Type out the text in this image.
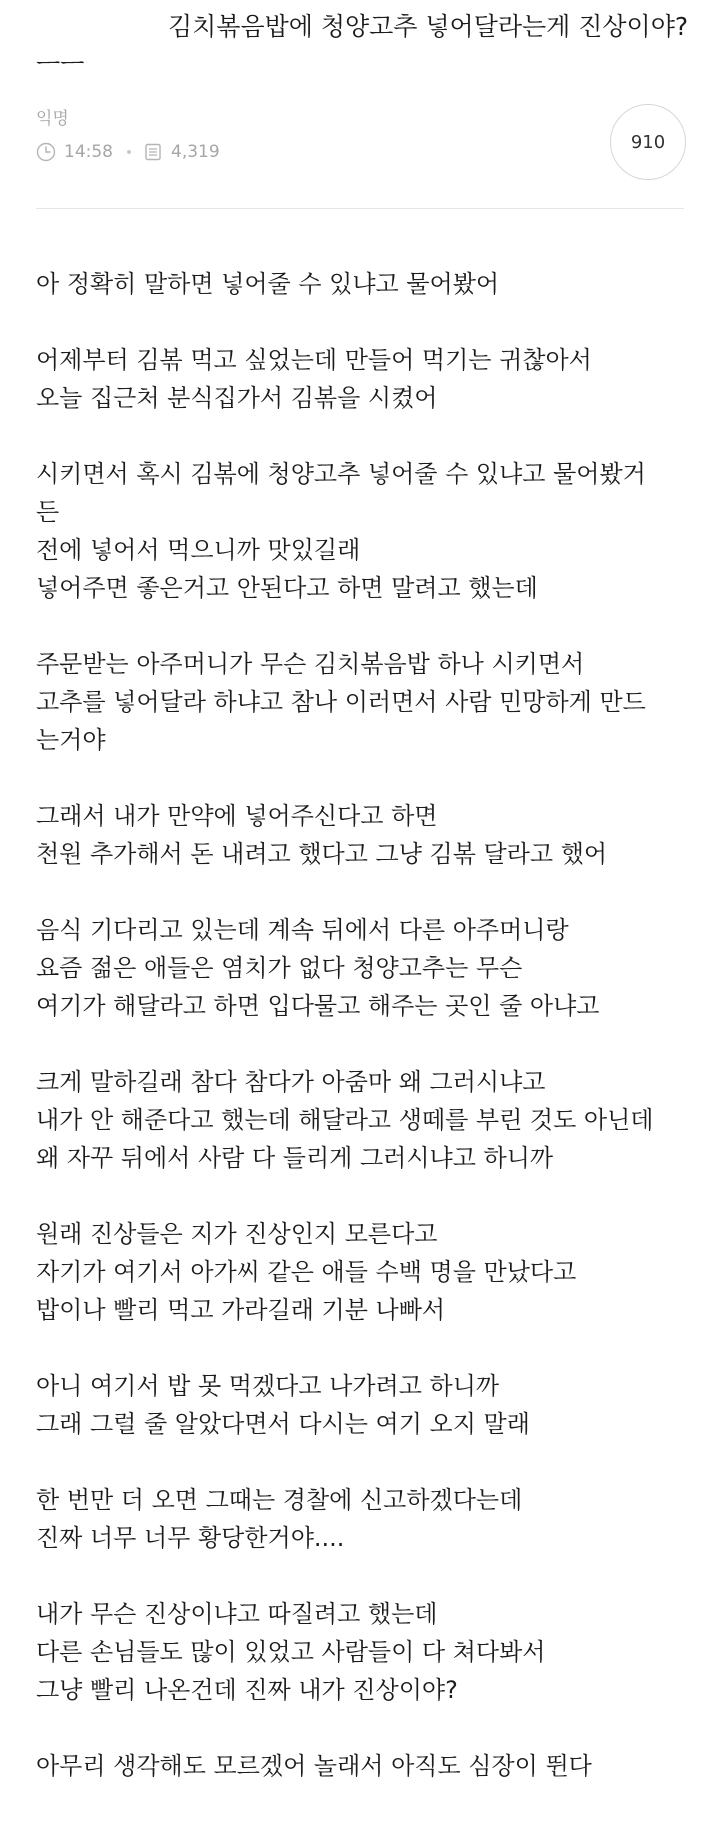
김치볶음밥에 청양고추 넣어달라는게 진상이야? ㅡㅡ
익명
14:58	4,319	910

아 정확히 말하면 넣어줄 수 있냐고 물어봤어

어제부터 김볶 먹고 싶었는데 만들어 먹기는 귀찮아서
오늘 집근처 분식집가서 김볶을 시켰어

시키면서 혹시 김볶에 청양고추 넣어줄 수 있냐고 물어봤거
든
전에 넣어서 먹으니까 맛있길래
넣어주면 좋은거고 안된다고 하면 말려고 했는데

주문받는 아주머니가 무슨 김치볶음밥 하나 시키면서
고추를 넣어달라 하냐고 참나 이러면서 사람 민망하게 만드
는거야

그래서 내가 만약에 넣어주신다고 하면
천원 추가해서 돈 내려고 했다고 그냥 김볶 달라고 했어

음식 기다리고 있는데 계속 뒤에서 다른 아주머니랑
요즘 젊은 애들은 염치가 없다 청양고추는 무슨
여기가 해달라고 하면 입다물고 해주는 곳인 줄 아냐고

크게 말하길래 참다 참다가 아줌마 왜 그러시냐고
내가 안 해준다고 했는데 해달라고 생떼를 부린 것도 아닌데
왜 자꾸 뒤에서 사람 다 들리게 그러시냐고 하니까

원래 진상들은 지가 진상인지 모른다고
자기가 여기서 아가씨 같은 애들 수백 명을 만났다고
밥이나 빨리 먹고 가라길래 기분 나빠서

아니 여기서 밥 못 먹겠다고 나가려고 하니까
그래 그럴 줄 알았다면서 다시는 여기 오지 말래

한 번만 더 오면 그때는 경찰에 신고하겠다는데
진짜 너무 너무 황당한거야....

내가 무슨 진상이냐고 따질려고 했는데
다른 손님들도 많이 있었고 사람들이 다 쳐다봐서
그냥 빨리 나온건데 진짜 내가 진상이야?

아무리 생각해도 모르겠어 놀래서 아직도 심장이 뛴다
